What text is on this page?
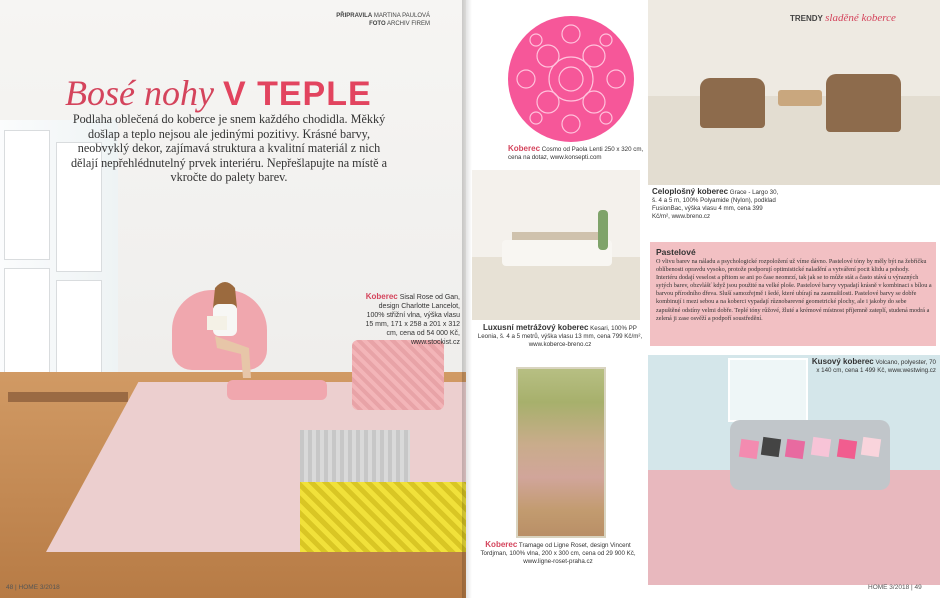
PŘIPRAVILA MARTINA PAULOVÁ
FOTO ARCHIV FIREM
Bosé nohy V TEPLE
Podlaha oblečená do koberce je snem každého chodidla. Měkký došlap a teplo nejsou ale jedinými pozitivy. Krásné barvy, neobvyklý dekor, zajímavá struktura a kvalitní materiál z nich dělají nepřehlédnutelný prvek interiéru. Nepřešlapujte na místě a vkročte do palety barev.
Koberec Sisal Rose od Gan, design Charlotte Lancelot, 100% střižní vlna, výška vlasu 15 mm, 171 x 258 a 201 x 312 cm, cena od 54 000 Kč, www.stockist.cz
48 | HOME 3/2018
Koberec Cosmo od Paola Lenti 250 x 320 cm, cena na dotaz, www.konsepti.com
Luxusní metrážový koberec Kesari, 100% PP Leonia, š. 4 a 5 metrů, výška vlasu 13 mm, cena 799 Kč/m², www.koberce-breno.cz
Koberec Tramage od Ligne Roset, design Vincent Tordjman, 100% vlna, 200 x 300 cm, cena od 29 900 Kč, www.ligne-roset-praha.cz
TRENDY sladěné koberce
Celoplošný koberec Grace - Largo 30, š. 4 a 5 m, 100% Polyamide (Nylon), podklad FusionBac, výška vlasu 4 mm, cena 399 Kč/m², www.breno.cz
Pastelové
O vlivu barev na náladu a psychologické rozpoložení už víme dávno. Pastelové tóny by měly být na žebříčku oblíbenosti opravdu vysoko, protože podporují optimistické naladění a vytváření pocit klidu a pohody. Interiéru dodají veselost a přitom se ani po čase neomrzí, tak jak se to může stát a často stává u výrazných sytých barev, obzvlášť když jsou použité na velké ploše. Pastelové barvy vypadají krásně v kombinaci s bílou a barvou přírodního dřeva. Sluší samozřejmě i šedé, které ubírají na zasmušilosti. Pastelové barvy se dobře kombinují i mezi sebou a na koberci vypadají různobarevné geometrické plochy, ale i jakoby do sebe zapuštěné odstíny velmi dobře. Teplé tóny růžové, žluté a krémové místnost příjemně zateplí, studená modrá a zelená ji zase osvěží a podpoří soustředění.
Kusový koberec Volcano, polyester, 70 x 140 cm, cena 1 499 Kč, www.westwing.cz
HOME 3/2018 | 49
